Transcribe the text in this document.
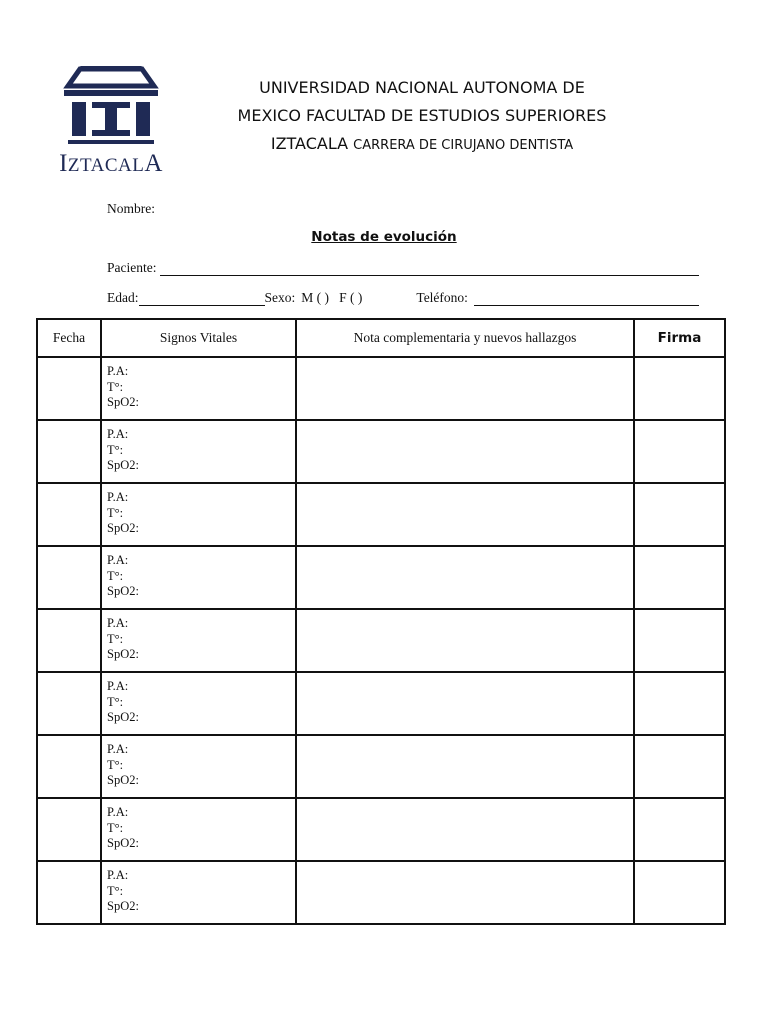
IZTACALA
UNIVERSIDAD NACIONAL AUTONOMA DE
MEXICO FACULTAD DE ESTUDIOS SUPERIORES
IZTACALA CARRERA DE CIRUJANO DENTISTA
Nombre:
Notas de evolución
Paciente:
Edad:	Sexo: M ( )   F ( )	Teléfono:
Fecha	Signos Vitales	Nota complementaria y nuevos hallazgos	Firma

	P.A:
T°:
SpO2:		

	P.A:
T°:
SpO2:		

	P.A:
T°:
SpO2:		

	P.A:
T°:
SpO2:		

	P.A:
T°:
SpO2:		

	P.A:
T°:
SpO2:		

	P.A:
T°:
SpO2:		

	P.A:
T°:
SpO2:		

	P.A:
T°:
SpO2:		
